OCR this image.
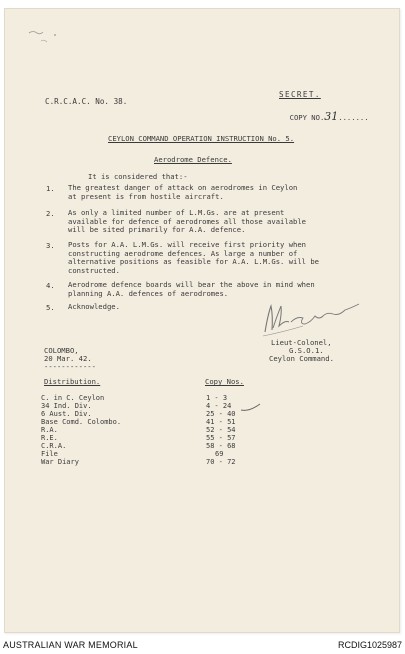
SECRET.
C.R.C.A.C. No. 38.

COPY NO.31.......

CEYLON COMMAND OPERATION INSTRUCTION No. 5.
Aerodrome Defence.
It is considered that:-
1. The greatest danger of attack on aerodromes in Ceylon
at present is from hostile aircraft.
2. As only a limited number of L.M.Gs. are at present
available for defence of aerodromes all those available
will be sited primarily for A.A. defence.
3. Posts for A.A. L.M.Gs. will receive first priority when
constructing aerodrome defences. As large a number of
alternative positions as feasible for A.A. L.M.Gs. will be
constructed.
4. Aerodrome defence boards will bear the above in mind when
planning A.A. defences of aerodromes.
5. Acknowledge.
Lieut-Colonel,
G.S.O.1.
Ceylon Command.
COLOMBO,
20 Mar. 42.
------------
Distribution.	Copy Nos.
C. in C. Ceylon	1 - 3
34 Ind. Div.	4 - 24
6 Aust. Div.	25 - 40
Base Comd. Colombo.	41 - 51
R.A.	52 - 54
R.E.	55 - 57
C.R.A.	58 - 68
File	69
War Diary	70 - 72
AUSTRALIAN WAR MEMORIAL	RCDIG1025987
